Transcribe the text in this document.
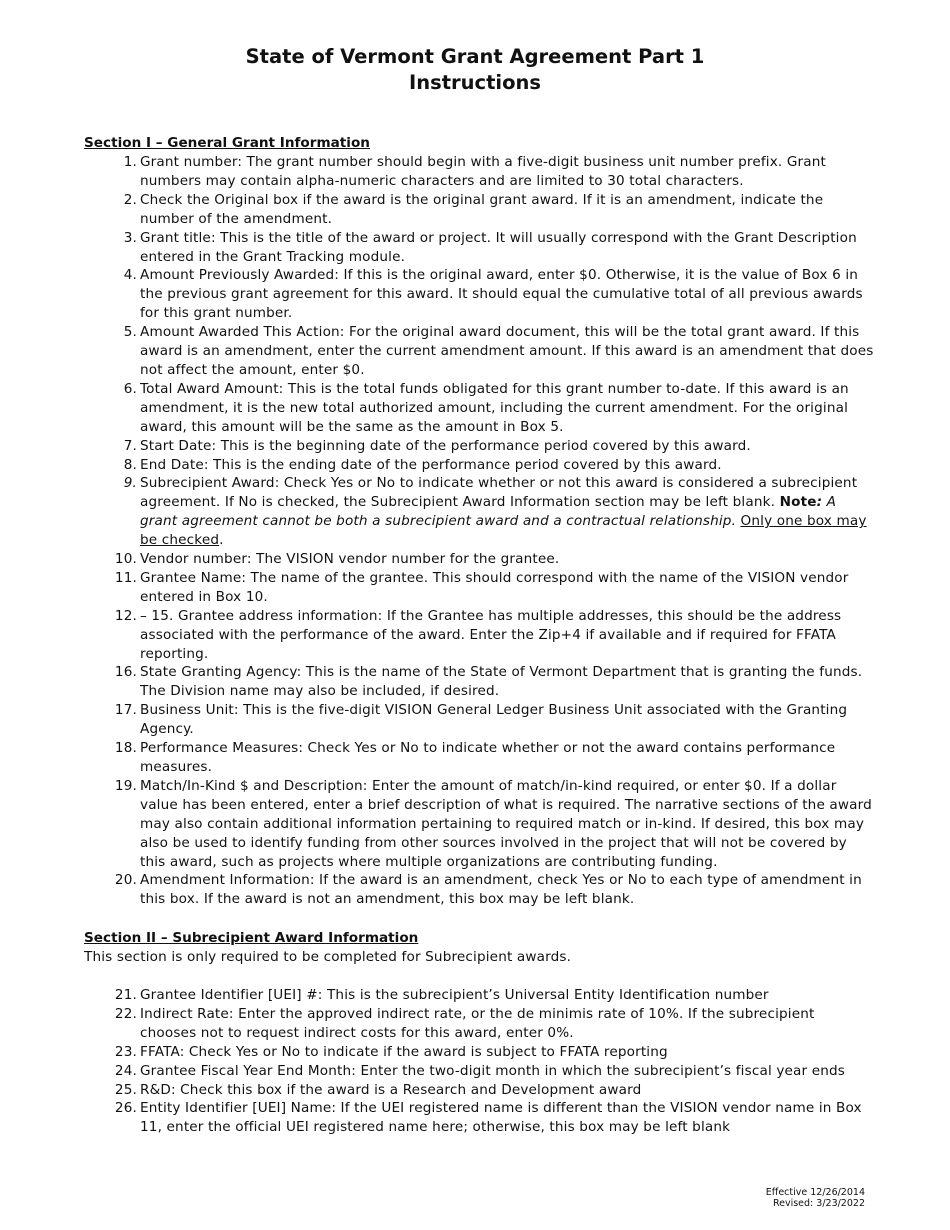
State of Vermont Grant Agreement Part 1
Instructions
Section I – General Grant Information
1. Grant number: The grant number should begin with a five-digit business unit number prefix. Grant numbers may contain alpha-numeric characters and are limited to 30 total characters.
2. Check the Original box if the award is the original grant award. If it is an amendment, indicate the number of the amendment.
3. Grant title: This is the title of the award or project. It will usually correspond with the Grant Description entered in the Grant Tracking module.
4. Amount Previously Awarded: If this is the original award, enter $0. Otherwise, it is the value of Box 6 in the previous grant agreement for this award. It should equal the cumulative total of all previous awards for this grant number.
5. Amount Awarded This Action: For the original award document, this will be the total grant award. If this award is an amendment, enter the current amendment amount. If this award is an amendment that does not affect the amount, enter $0.
6. Total Award Amount: This is the total funds obligated for this grant number to-date. If this award is an amendment, it is the new total authorized amount, including the current amendment. For the original award, this amount will be the same as the amount in Box 5.
7. Start Date: This is the beginning date of the performance period covered by this award.
8. End Date: This is the ending date of the performance period covered by this award.
9. Subrecipient Award: Check Yes or No to indicate whether or not this award is considered a subrecipient agreement. If No is checked, the Subrecipient Award Information section may be left blank. Note: A grant agreement cannot be both a subrecipient award and a contractual relationship. Only one box may be checked.
10. Vendor number: The VISION vendor number for the grantee.
11. Grantee Name: The name of the grantee. This should correspond with the name of the VISION vendor entered in Box 10.
12. – 15. Grantee address information: If the Grantee has multiple addresses, this should be the address associated with the performance of the award. Enter the Zip+4 if available and if required for FFATA reporting.
16. State Granting Agency: This is the name of the State of Vermont Department that is granting the funds. The Division name may also be included, if desired.
17. Business Unit: This is the five-digit VISION General Ledger Business Unit associated with the Granting Agency.
18. Performance Measures: Check Yes or No to indicate whether or not the award contains performance measures.
19. Match/In-Kind $ and Description: Enter the amount of match/in-kind required, or enter $0. If a dollar value has been entered, enter a brief description of what is required. The narrative sections of the award may also contain additional information pertaining to required match or in-kind. If desired, this box may also be used to identify funding from other sources involved in the project that will not be covered by this award, such as projects where multiple organizations are contributing funding.
20. Amendment Information: If the award is an amendment, check Yes or No to each type of amendment in this box. If the award is not an amendment, this box may be left blank.
Section II – Subrecipient Award Information
This section is only required to be completed for Subrecipient awards.
21. Grantee Identifier [UEI] #: This is the subrecipient’s Universal Entity Identification number
22. Indirect Rate: Enter the approved indirect rate, or the de minimis rate of 10%. If the subrecipient chooses not to request indirect costs for this award, enter 0%.
23. FFATA: Check Yes or No to indicate if the award is subject to FFATA reporting
24. Grantee Fiscal Year End Month: Enter the two-digit month in which the subrecipient’s fiscal year ends
25. R&D: Check this box if the award is a Research and Development award
26. Entity Identifier [UEI] Name: If the UEI registered name is different than the VISION vendor name in Box 11, enter the official UEI registered name here; otherwise, this box may be left blank
Effective 12/26/2014
Revised: 3/23/2022
